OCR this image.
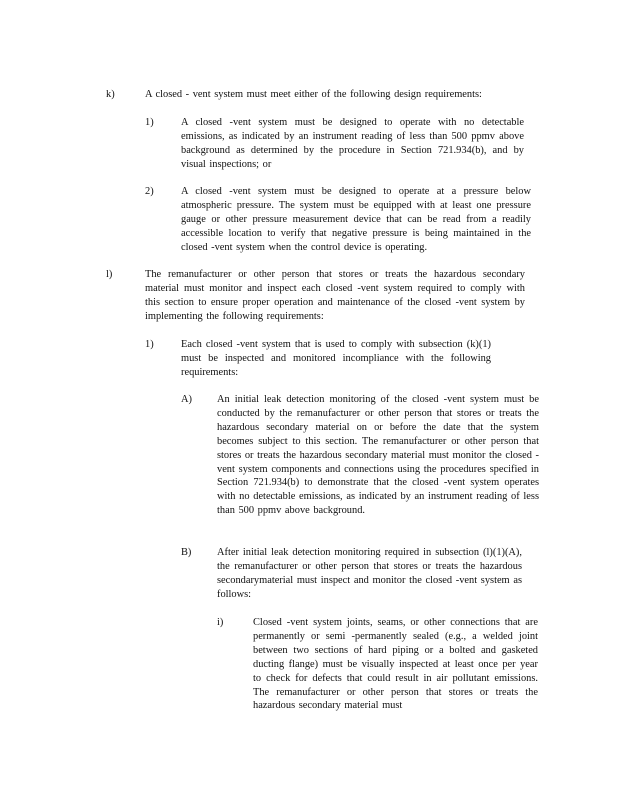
k)	A closed - vent system must meet either of the following design requirements:
1)	A closed -vent system must be designed to operate with no detectable emissions, as indicated by an instrument reading of less than 500 ppmv above background as determined by the procedure in Section 721.934(b), and by visual inspections; or
2)	A closed -vent system must be designed to operate at a pressure below atmospheric pressure. The system must be equipped with at least one pressure gauge or other pressure measurement device that can be read from a readily accessible location to verify that negative pressure is being maintained in the closed -vent system when the control device is operating.
l)	The remanufacturer or other person that stores or treats the hazardous secondary material must monitor and inspect each closed -vent system required to comply with this section to ensure proper operation and maintenance of the closed -vent system by implementing the following requirements:
1)	Each closed -vent system that is used to comply with subsection (k)(1) must be inspected and monitored incompliance with the following requirements:
A) An initial leak detection monitoring of the closed -vent system must be conducted by the remanufacturer or other person that stores or treats the hazardous secondary material on or before the date that the system becomes subject to this section. The remanufacturer or other person that stores or treats the hazardous secondary material must monitor the closed -vent system components and connections using the procedures specified in Section 721.934(b) to demonstrate that the closed -vent system operates with no detectable emissions, as indicated by an instrument reading of less than 500 ppmv above background.
B) After initial leak detection monitoring required in subsection (l)(1)(A), the remanufacturer or other person that stores or treats the hazardous secondarymaterial must inspect and monitor the closed -vent system as follows:
i)	Closed -vent system joints, seams, or other connections that are permanently or semi -permanently sealed (e.g., a welded joint between two sections of hard piping or a bolted and gasketed ducting flange) must be visually inspected at least once per year to check for defects that could result in air pollutant emissions. The remanufacturer or other person that stores or treats the hazardous secondary material must
